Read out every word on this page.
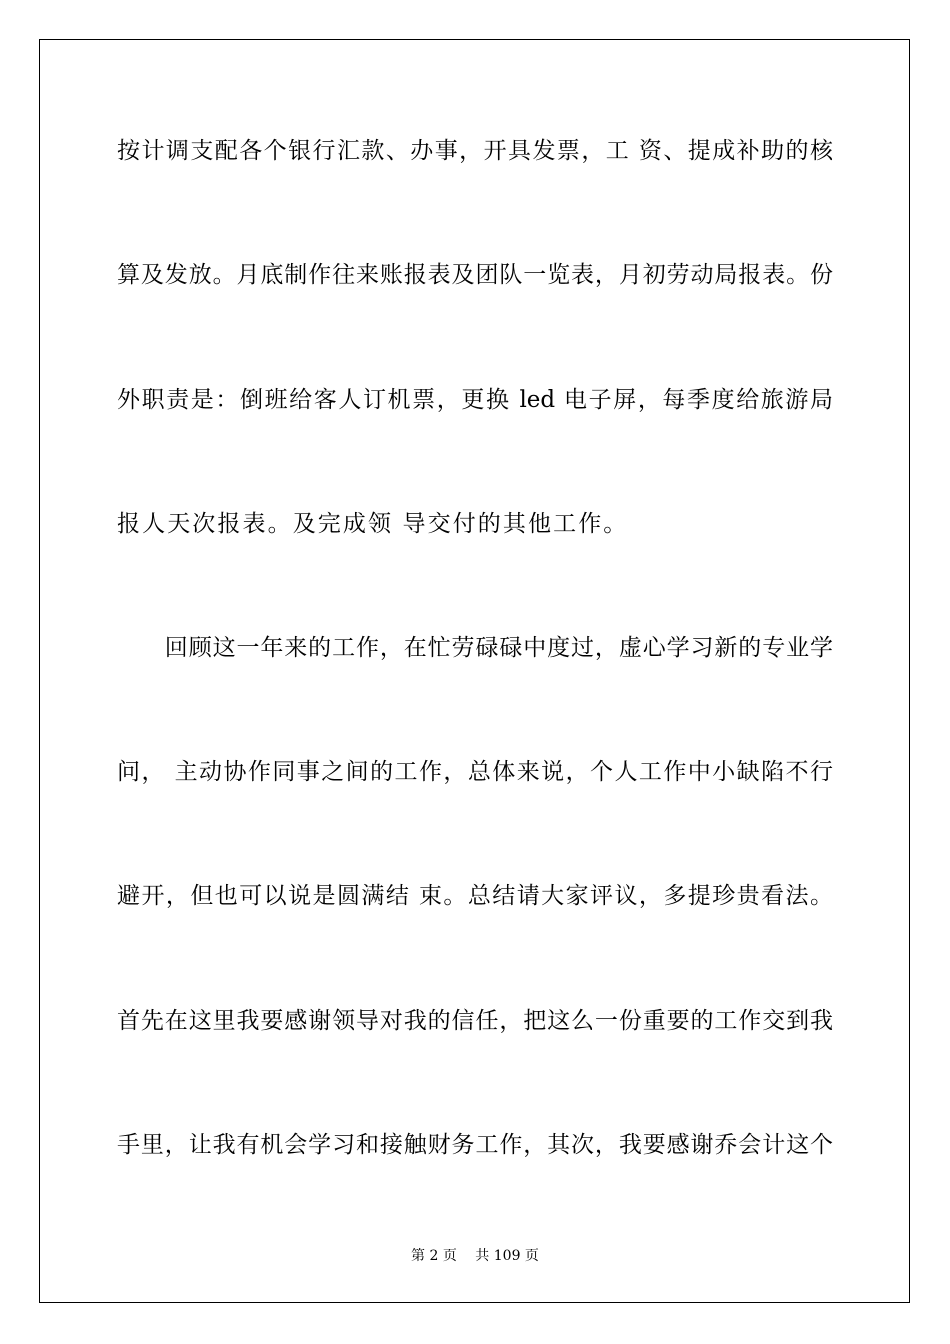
按计调支配各个银行汇款、办事，开具发票，工 资、提成补助的核
算及发放。月底制作往来账报表及团队一览表，月初劳动局报表。份
外职责是：倒班给客人订机票，更换 led 电子屏，每季度给旅游局
报人天次报表。及完成领 导交付的其他工作。
　　回顾这一年来的工作，在忙劳碌碌中度过，虚心学习新的专业学
问， 主动协作同事之间的工作，总体来说，个人工作中小缺陷不行
避开，但也可以说是圆满结 束。总结请大家评议，多提珍贵看法。
首先在这里我要感谢领导对我的信任，把这么一份重要的工作交到我
手里，让我有机会学习和接触财务工作，其次，我要感谢乔会计这个
第 2 页　 共 109 页
